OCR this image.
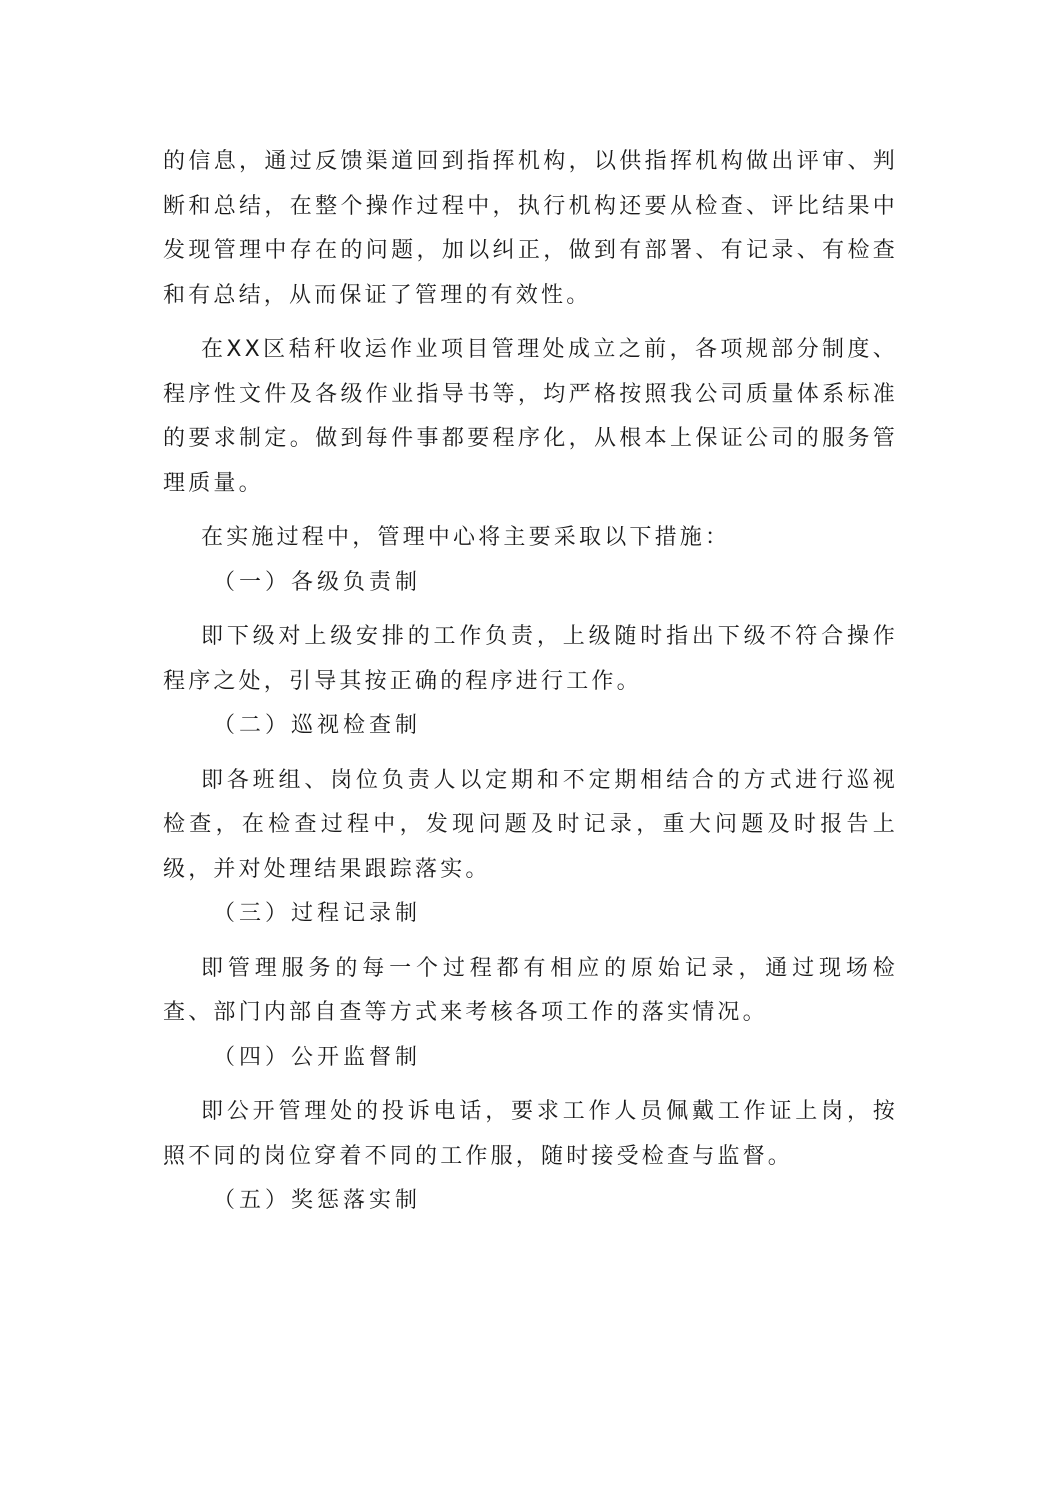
的信息，通过反馈渠道回到指挥机构，以供指挥机构做出评审、判断和总结，在整个操作过程中，执行机构还要从检查、评比结果中发现管理中存在的问题，加以纠正，做到有部署、有记录、有检查和有总结，从而保证了管理的有效性。

在XX区秸秆收运作业项目管理处成立之前，各项规部分制度、程序性文件及各级作业指导书等，均严格按照我公司质量体系标准的要求制定。做到每件事都要程序化，从根本上保证公司的服务管理质量。

在实施过程中，管理中心将主要采取以下措施：

（一）各级负责制

即下级对上级安排的工作负责，上级随时指出下级不符合操作程序之处，引导其按正确的程序进行工作。

（二）巡视检查制

即各班组、岗位负责人以定期和不定期相结合的方式进行巡视检查，在检查过程中，发现问题及时记录，重大问题及时报告上级，并对处理结果跟踪落实。

（三）过程记录制

即管理服务的每一个过程都有相应的原始记录，通过现场检查、部门内部自查等方式来考核各项工作的落实情况。

（四）公开监督制

即公开管理处的投诉电话，要求工作人员佩戴工作证上岗，按照不同的岗位穿着不同的工作服，随时接受检查与监督。

（五）奖惩落实制
